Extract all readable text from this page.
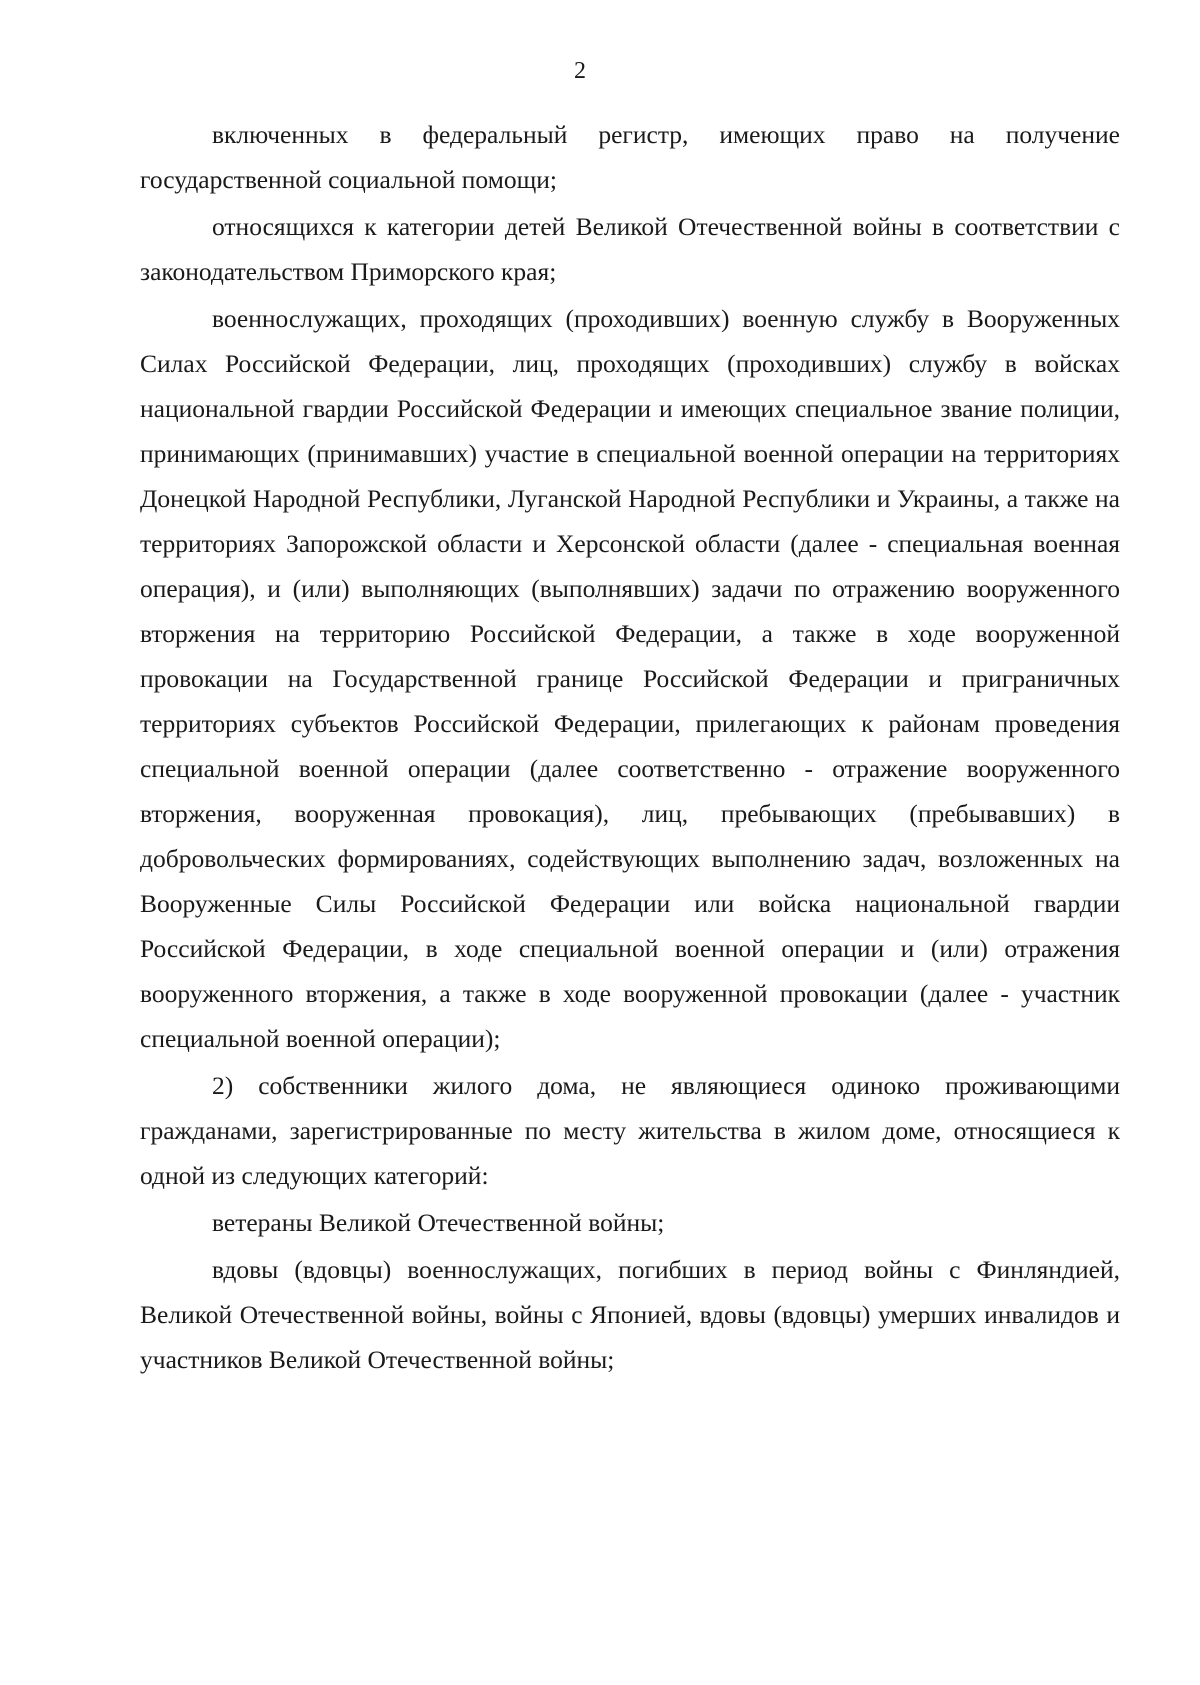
2

включенных в федеральный регистр, имеющих право на получение государственной социальной помощи;

относящихся к категории детей Великой Отечественной войны в соответствии с законодательством Приморского края;

военнослужащих, проходящих (проходивших) военную службу в Вооруженных Силах Российской Федерации, лиц, проходящих (проходивших) службу в войсках национальной гвардии Российской Федерации и имеющих специальное звание полиции, принимающих (принимавших) участие в специальной военной операции на территориях Донецкой Народной Республики, Луганской Народной Республики и Украины, а также на территориях Запорожской области и Херсонской области (далее - специальная военная операция), и (или) выполняющих (выполнявших) задачи по отражению вооруженного вторжения на территорию Российской Федерации, а также в ходе вооруженной провокации на Государственной границе Российской Федерации и приграничных территориях субъектов Российской Федерации, прилегающих к районам проведения специальной военной операции (далее соответственно - отражение вооруженного вторжения, вооруженная провокация), лиц, пребывающих (пребывавших) в добровольческих формированиях, содействующих выполнению задач, возложенных на Вооруженные Силы Российской Федерации или войска национальной гвардии Российской Федерации, в ходе специальной военной операции и (или) отражения вооруженного вторжения, а также в ходе вооруженной провокации (далее - участник специальной военной операции);

2) собственники жилого дома, не являющиеся одиноко проживающими гражданами, зарегистрированные по месту жительства в жилом доме, относящиеся к одной из следующих категорий:

ветераны Великой Отечественной войны;

вдовы (вдовцы) военнослужащих, погибших в период войны с Финляндией, Великой Отечественной войны, войны с Японией, вдовы (вдовцы) умерших инвалидов и участников Великой Отечественной войны;
